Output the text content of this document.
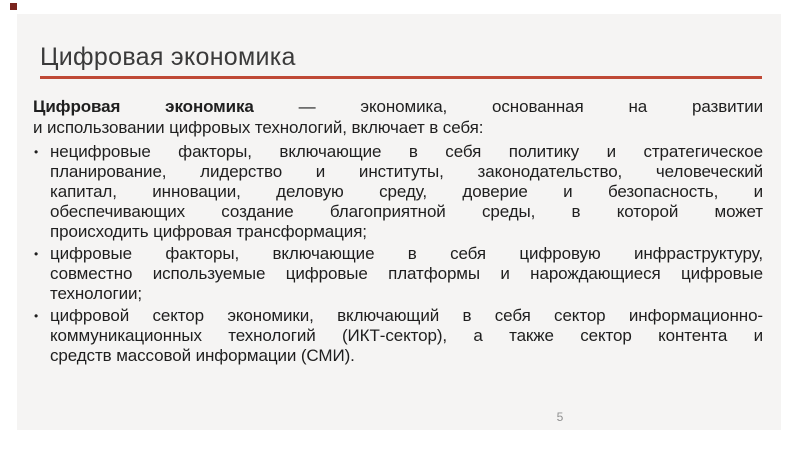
Цифровая экономика
Цифровая экономика — экономика, основанная на развитии
и использовании цифровых технологий, включает в себя:
• нецифровые факторы, включающие в себя политику и стратегическое
планирование, лидерство и институты, законодательство, человеческий
капитал, инновации, деловую среду, доверие и безопасность, и
обеспечивающих создание благоприятной среды, в которой может
происходить цифровая трансформация;
• цифровые факторы, включающие в себя цифровую инфраструктуру,
совместно используемые цифровые платформы и нарождающиеся цифровые
технологии;
• цифровой сектор экономики, включающий в себя сектор информационно-
коммуникационных технологий (ИКТ-сектор), а также сектор контента и
средств массовой информации (СМИ).
5
